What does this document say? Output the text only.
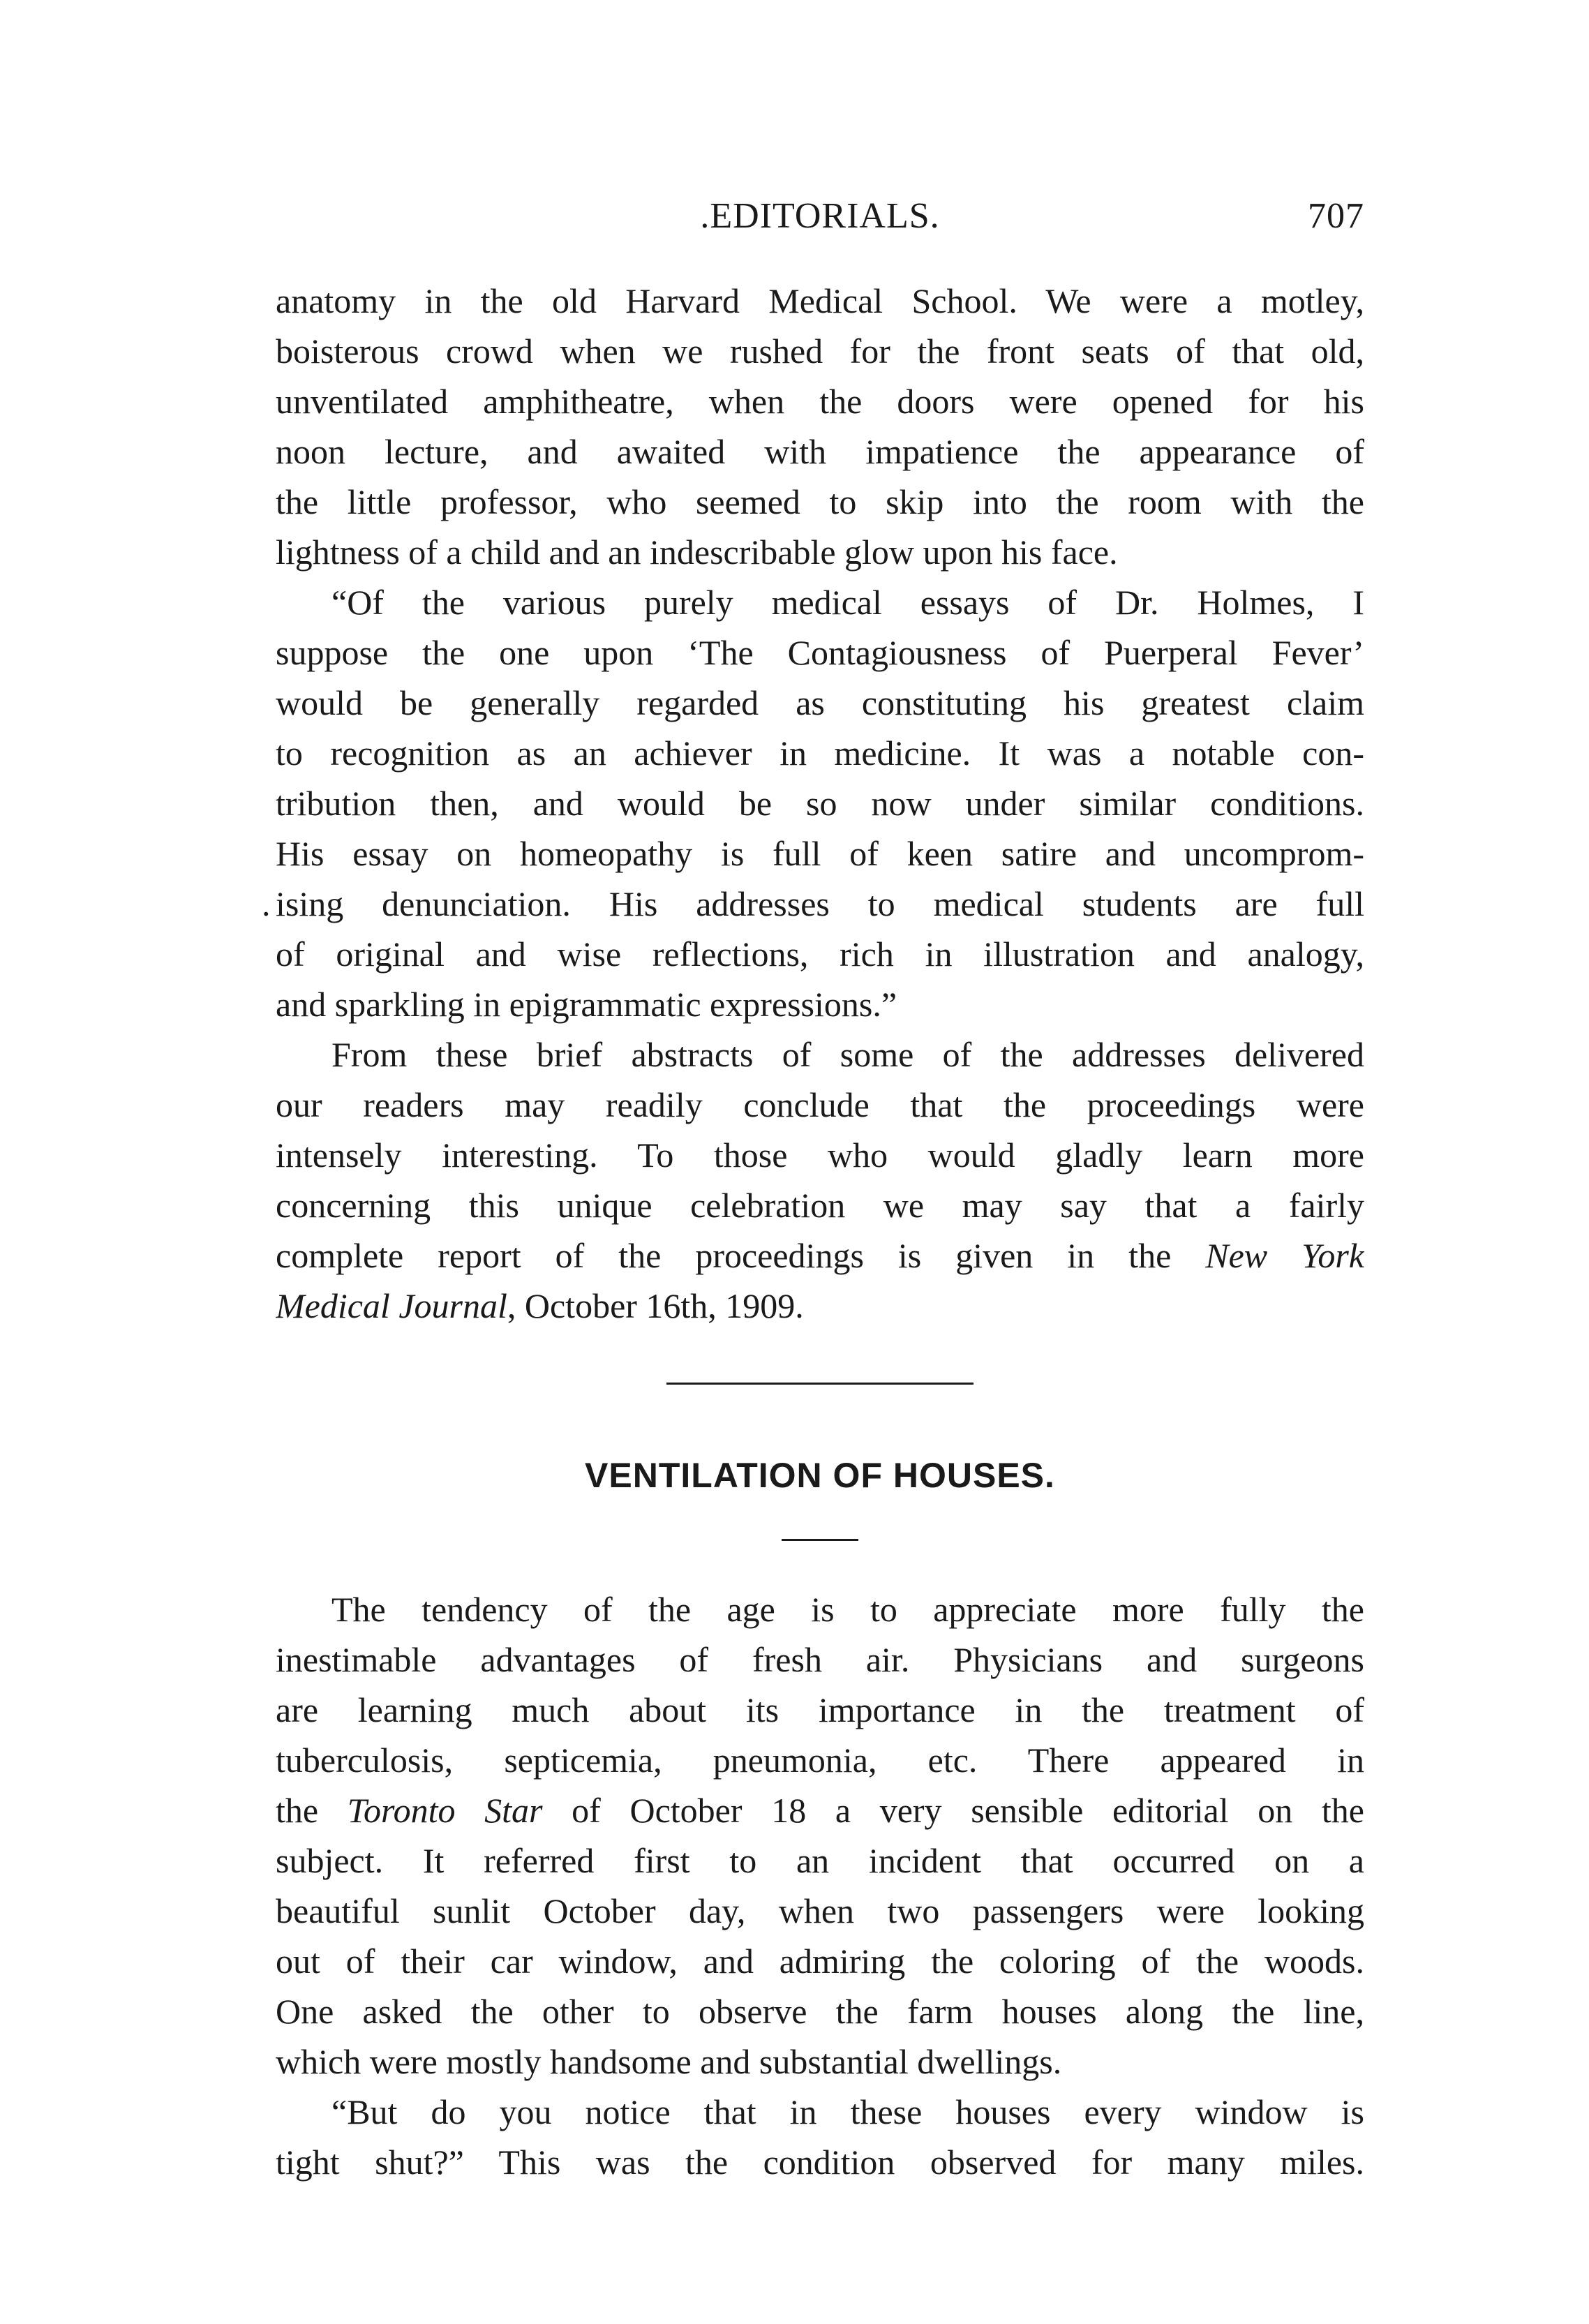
.EDITORIALS.	707
anatomy in the old Harvard Medical School. We were a motley,
boisterous crowd when we rushed for the front seats of that old,
unventilated amphitheatre, when the doors were opened for his
noon lecture, and awaited with impatience the appearance of
the little professor, who seemed to skip into the room with the
lightness of a child and an indescribable glow upon his face.
“Of the various purely medical essays of Dr. Holmes, I
suppose the one upon ‘The Contagiousness of Puerperal Fever’
would be generally regarded as constituting his greatest claim
to recognition as an achiever in medicine. It was a notable con-
tribution then, and would be so now under similar conditions.
His essay on homeopathy is full of keen satire and uncomprom-
. ising denunciation. His addresses to medical students are full
of original and wise reflections, rich in illustration and analogy,
and sparkling in epigrammatic expressions.”
From these brief abstracts of some of the addresses delivered
our readers may readily conclude that the proceedings were
intensely interesting. To those who would gladly learn more
concerning this unique celebration we may say that a fairly
complete report of the proceedings is given in the New York
Medical Journal, October 16th, 1909.
VENTILATION OF HOUSES.
The tendency of the age is to appreciate more fully the
inestimable advantages of fresh air. Physicians and surgeons
are learning much about its importance in the treatment of
tuberculosis, septicemia, pneumonia, etc. There appeared in
the Toronto Star of October 18 a very sensible editorial on the
subject. It referred first to an incident that occurred on a
beautiful sunlit October day, when two passengers were looking
out of their car window, and admiring the coloring of the woods.
One asked the other to observe the farm houses along the line,
which were mostly handsome and substantial dwellings.
“But do you notice that in these houses every window is
tight shut?” This was the condition observed for many miles.
